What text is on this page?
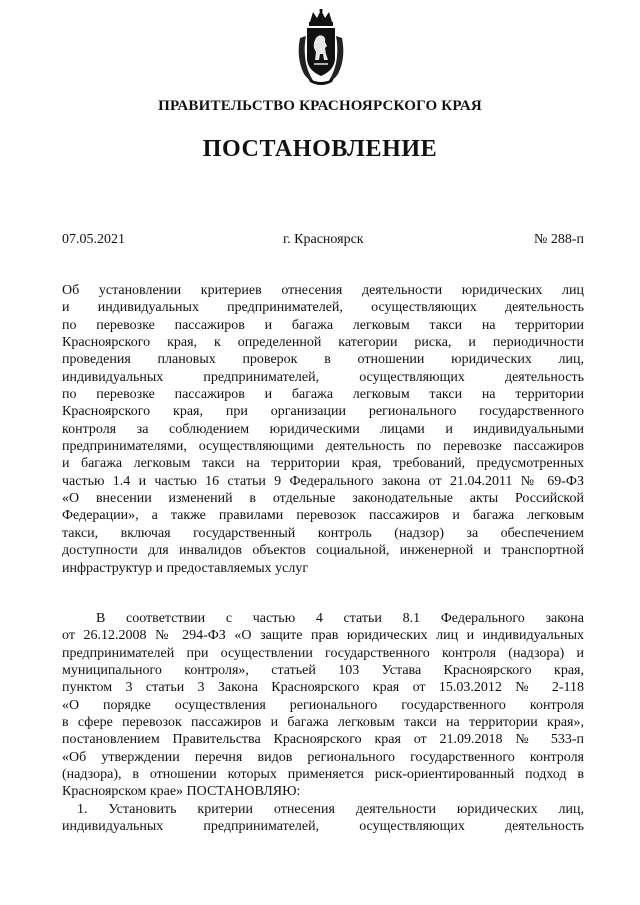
ПРАВИТЕЛЬСТВО КРАСНОЯРСКОГО КРАЯ
ПОСТАНОВЛЕНИЕ
07.05.2021	г. Красноярск	№ 288-п
Об установлении критериев отнесения деятельности юридических лиц
и индивидуальных предпринимателей, осуществляющих деятельность
по перевозке пассажиров и багажа легковым такси на территории
Красноярского края, к определенной категории риска, и периодичности
проведения плановых проверок в отношении юридических лиц,
индивидуальных предпринимателей, осуществляющих деятельность
по перевозке пассажиров и багажа легковым такси на территории
Красноярского края, при организации регионального государственного
контроля за соблюдением юридическими лицами и индивидуальными
предпринимателями, осуществляющими деятельность по перевозке пассажиров
и багажа легковым такси на территории края, требований, предусмотренных
частью 1.4 и частью 16 статьи 9 Федерального закона от 21.04.2011 № 69-ФЗ
«О внесении изменений в отдельные законодательные акты Российской
Федерации», а также правилами перевозок пассажиров и багажа легковым
такси, включая государственный контроль (надзор) за обеспечением
доступности для инвалидов объектов социальной, инженерной и транспортной
инфраструктур и предоставляемых услуг
В соответствии с частью 4 статьи 8.1 Федерального закона
от 26.12.2008 № 294-ФЗ «О защите прав юридических лиц и индивидуальных
предпринимателей при осуществлении государственного контроля (надзора) и
муниципального контроля», статьей 103 Устава Красноярского края,
пунктом 3 статьи 3 Закона Красноярского края от 15.03.2012 № 2-118
«О порядке осуществления регионального государственного контроля
в сфере перевозок пассажиров и багажа легковым такси на территории края»,
постановлением Правительства Красноярского края от 21.09.2018 № 533-п
«Об утверждении перечня видов регионального государственного контроля
(надзора), в отношении которых применяется риск-ориентированный подход в
Красноярском крае» ПОСТАНОВЛЯЮ:
1. Установить критерии отнесения деятельности юридических лиц,
индивидуальных предпринимателей, осуществляющих деятельность
